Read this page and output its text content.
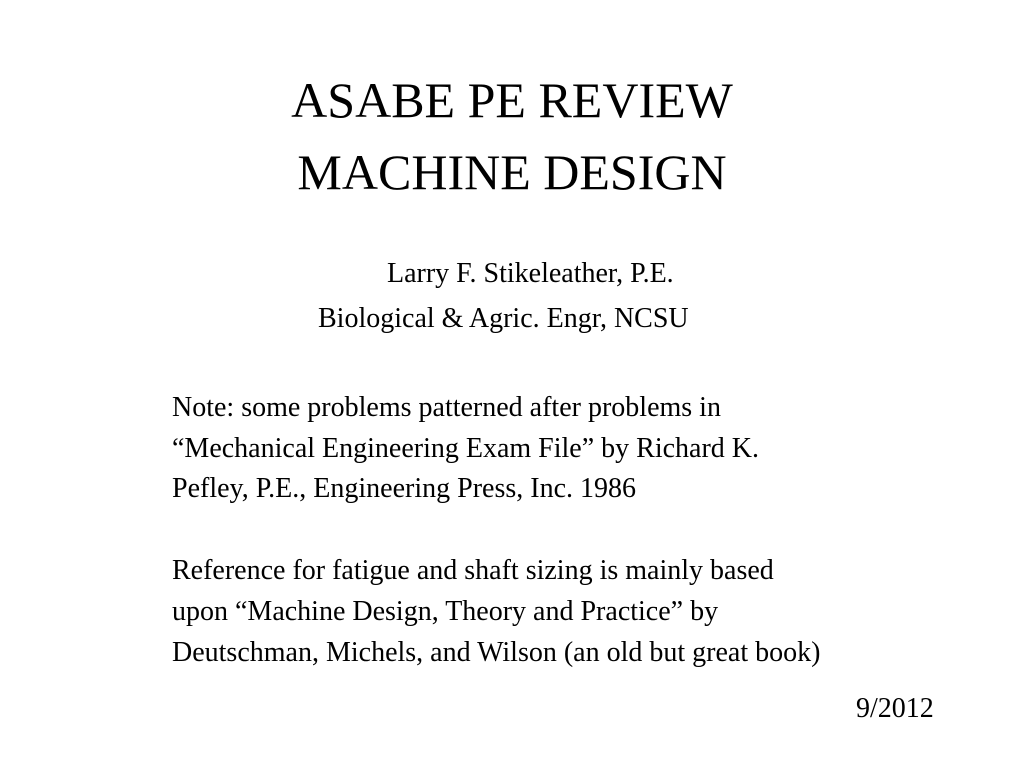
ASABE PE REVIEW
MACHINE DESIGN
Larry F. Stikeleather, P.E.
Biological & Agric. Engr, NCSU
Note: some problems patterned after problems in
“Mechanical Engineering Exam File” by Richard K.
Pefley, P.E., Engineering Press, Inc. 1986
Reference for fatigue and shaft sizing is mainly based
upon “Machine Design, Theory and Practice” by
Deutschman, Michels, and Wilson (an old but great book)
9/2012
